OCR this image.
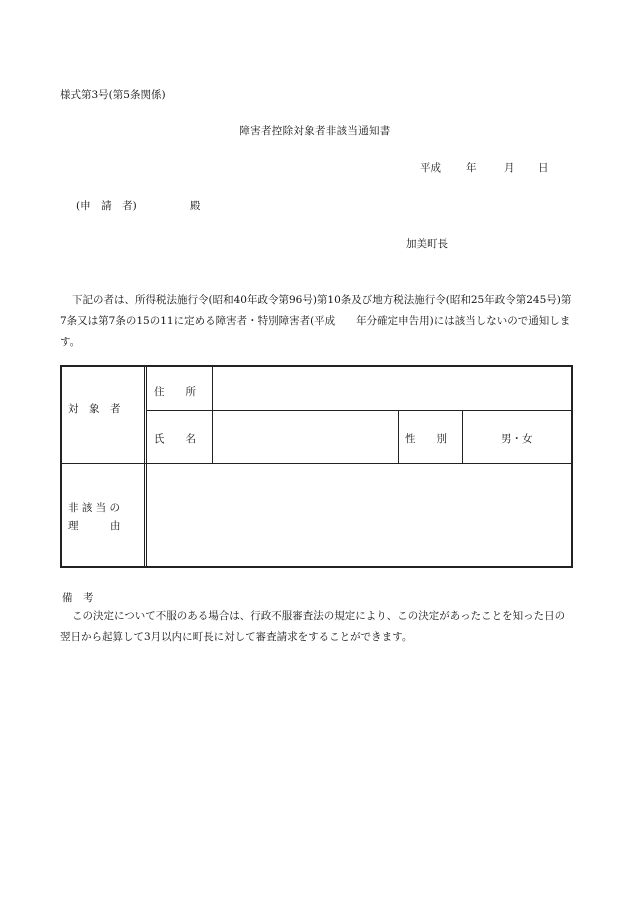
様式第3号(第5条関係)
障害者控除対象者非該当通知書
平成 年	月 日
(申　請　者)	殿
加美町長
下記の者は、所得税法施行令(昭和40年政令第96号)第10条及び地方税法施行令(昭和25年政令第245号)第7条又は第7条の15の11に定める障害者・特別障害者(平成　　年分確定申告用)には該当しないので通知します。
対　象　者
住　　所
氏　　名	性　　別	男・女
非 該 当 の
理　　　由
備　考
この決定について不服のある場合は、行政不服審査法の規定により、この決定があったことを知った日の翌日から起算して3月以内に町長に対して審査請求をすることができます。
